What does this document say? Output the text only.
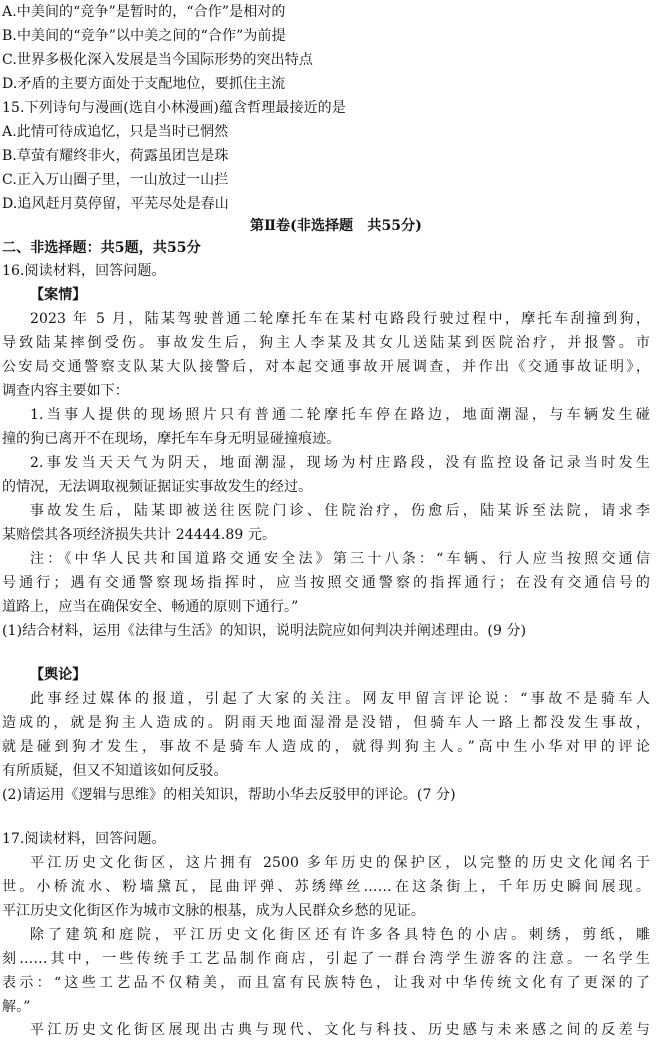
A.中美间的“竞争”是暂时的，“合作”是相对的
B.中美间的“竞争”以中美之间的“合作”为前提
C.世界多极化深入发展是当今国际形势的突出特点
D.矛盾的主要方面处于支配地位，要抓住主流
15.下列诗句与漫画(选自小林漫画)蕴含哲理最接近的是
A.此情可待成追忆，只是当时已惘然
B.草萤有耀终非火，荷露虽团岂是珠
C.正入万山圈子里，一山放过一山拦
D.追风赶月莫停留，平芜尽处是春山
第Ⅱ卷(非选择题　共55分)
二、非选择题：共5题，共55分
16.阅读材料，回答问题。
【案情】
2023 年 5 月，陆某驾驶普通二轮摩托车在某村屯路段行驶过程中，摩托车刮撞到狗，
导致陆某摔倒受伤。事故发生后，狗主人李某及其女儿送陆某到医院治疗，并报警。市
公安局交通警察支队某大队接警后，对本起交通事故开展调查，并作出《交通事故证明》，
调查内容主要如下：
1.当事人提供的现场照片只有普通二轮摩托车停在路边，地面潮湿，与车辆发生碰
撞的狗已离开不在现场，摩托车车身无明显碰撞痕迹。
2.事发当天天气为阴天，地面潮湿，现场为村庄路段，没有监控设备记录当时发生
的情况，无法调取视频证据证实事故发生的经过。
事故发生后，陆某即被送往医院门诊、住院治疗，伤愈后，陆某诉至法院，请求李
某赔偿其各项经济损失共计 24444.89 元。
注：《中华人民共和国道路交通安全法》第三十八条：“车辆、行人应当按照交通信
号通行；遇有交通警察现场指挥时，应当按照交通警察的指挥通行；在没有交通信号的
道路上，应当在确保安全、畅通的原则下通行。”
(1)结合材料，运用《法律与生活》的知识，说明法院应如何判决并阐述理由。(9 分)
【舆论】
此事经过媒体的报道，引起了大家的关注。网友甲留言评论说：“事故不是骑车人
造成的，就是狗主人造成的。阴雨天地面湿滑是没错，但骑车人一路上都没发生事故，
就是碰到狗才发生，事故不是骑车人造成的，就得判狗主人。”高中生小华对甲的评论
有所质疑，但又不知道该如何反驳。
(2)请运用《逻辑与思维》的相关知识，帮助小华去反驳甲的评论。(7 分)
17.阅读材料，回答问题。
平江历史文化街区，这片拥有 2500 多年历史的保护区，以完整的历史文化闻名于
世。小桥流水、粉墙黛瓦，昆曲评弹、苏绣缂丝……在这条街上，千年历史瞬间展现。
平江历史文化街区作为城市文脉的根基，成为人民群众乡愁的见证。
除了建筑和庭院，平江历史文化街区还有许多各具特色的小店。刺绣，剪纸，雕
刻……其中，一些传统手工艺品制作商店，引起了一群台湾学生游客的注意。一名学生
表示：“这些工艺品不仅精美，而且富有民族特色，让我对中华传统文化有了更深的了
解。”
平江历史文化街区展现出古典与现代、文化与科技、历史感与未来感之间的反差与
